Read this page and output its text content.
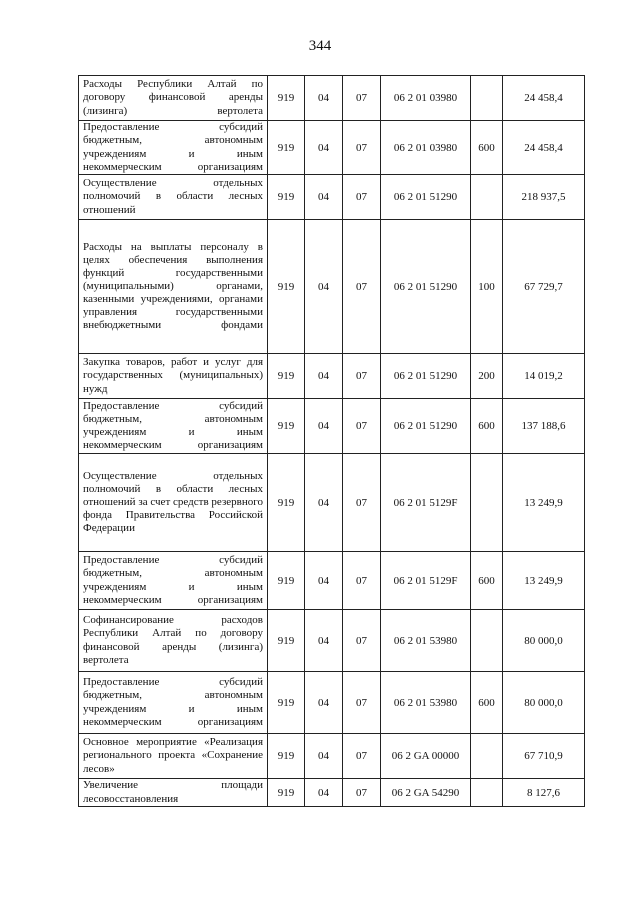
344
Расходы Республики Алтай по договору финансовой аренды (лизинга) вертолета	919	04	07	06 2 01 03980		24 458,4
Предоставление субсидий бюджетным, автономным учреждениям и иным некоммерческим организациям	919	04	07	06 2 01 03980	600	24 458,4
Осуществление отдельных полномочий в области лесных отношений	919	04	07	06 2 01 51290		218 937,5
Расходы на выплаты персоналу в целях обеспечения выполнения функций государственными (муниципальными) органами, казенными учреждениями, органами управления государственными внебюджетными фондами	919	04	07	06 2 01 51290	100	67 729,7
Закупка товаров, работ и услуг для государственных (муниципальных) нужд	919	04	07	06 2 01 51290	200	14 019,2
Предоставление субсидий бюджетным, автономным учреждениям и иным некоммерческим организациям	919	04	07	06 2 01 51290	600	137 188,6
Осуществление отдельных полномочий в области лесных отношений за счет средств резервного фонда Правительства Российской Федерации	919	04	07	06 2 01 5129F		13 249,9
Предоставление субсидий бюджетным, автономным учреждениям и иным некоммерческим организациям	919	04	07	06 2 01 5129F	600	13 249,9
Софинансирование расходов Республики Алтай по договору финансовой аренды (лизинга) вертолета	919	04	07	06 2 01 53980		80 000,0
Предоставление субсидий бюджетным, автономным учреждениям и иным некоммерческим организациям	919	04	07	06 2 01 53980	600	80 000,0
Основное мероприятие «Реализация регионального проекта «Сохранение лесов»	919	04	07	06 2 GA 00000		67 710,9
Увеличение площади лесовосстановления	919	04	07	06 2 GA 54290		8 127,6
